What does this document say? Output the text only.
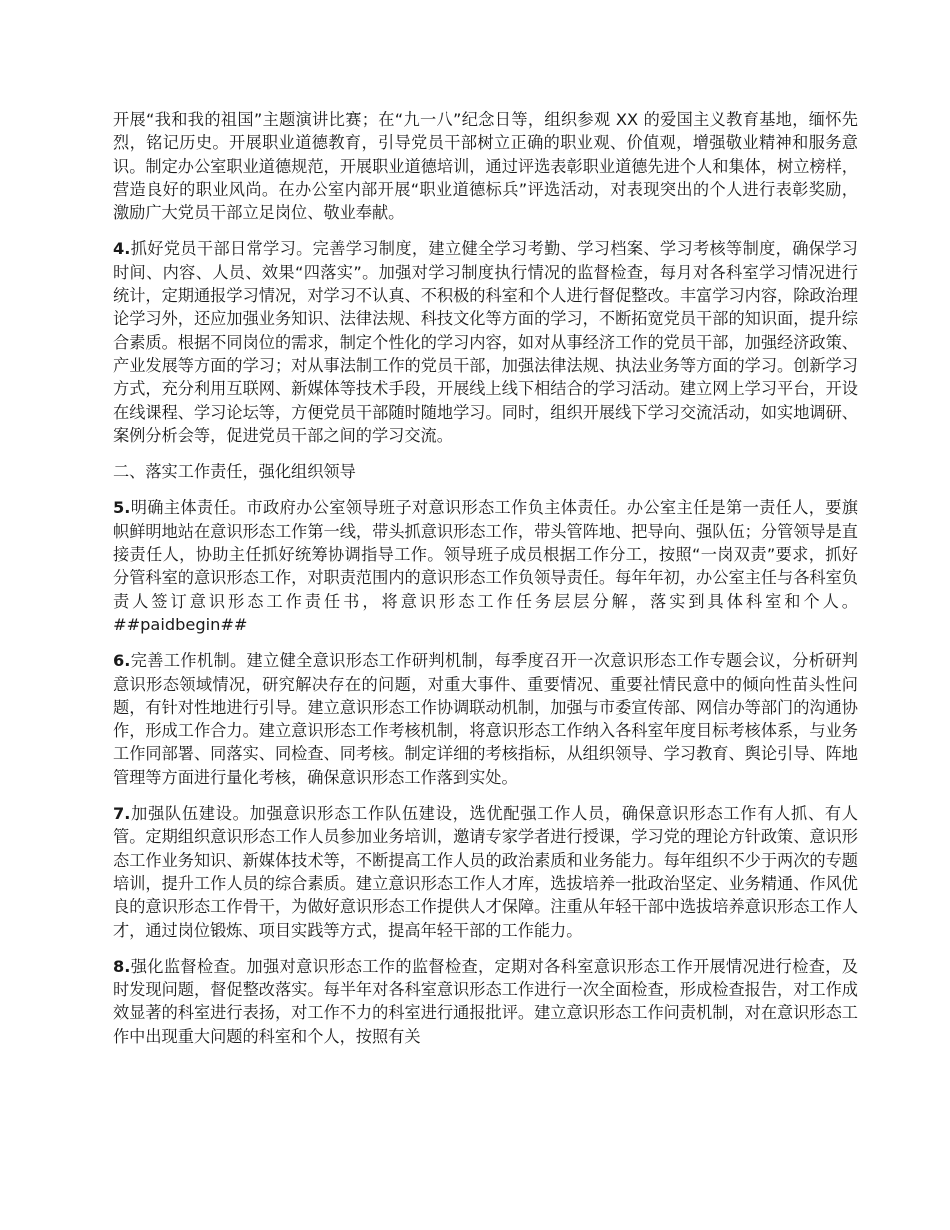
开展“我和我的祖国”主题演讲比赛；在“九一八”纪念日等，组织参观 XX 的爱国主义教育基地，缅怀先烈，铭记历史。开展职业道德教育，引导党员干部树立正确的职业观、价值观，增强敬业精神和服务意识。制定办公室职业道德规范，开展职业道德培训，通过评选表彰职业道德先进个人和集体，树立榜样，营造良好的职业风尚。在办公室内部开展“职业道德标兵”评选活动，对表现突出的个人进行表彰奖励，激励广大党员干部立足岗位、敬业奉献。

4.抓好党员干部日常学习。完善学习制度，建立健全学习考勤、学习档案、学习考核等制度，确保学习时间、内容、人员、效果“四落实”。加强对学习制度执行情况的监督检查，每月对各科室学习情况进行统计，定期通报学习情况，对学习不认真、不积极的科室和个人进行督促整改。丰富学习内容，除政治理论学习外，还应加强业务知识、法律法规、科技文化等方面的学习，不断拓宽党员干部的知识面，提升综合素质。根据不同岗位的需求，制定个性化的学习内容，如对从事经济工作的党员干部，加强经济政策、产业发展等方面的学习；对从事法制工作的党员干部，加强法律法规、执法业务等方面的学习。创新学习方式，充分利用互联网、新媒体等技术手段，开展线上线下相结合的学习活动。建立网上学习平台，开设在线课程、学习论坛等，方便党员干部随时随地学习。同时，组织开展线下学习交流活动，如实地调研、案例分析会等，促进党员干部之间的学习交流。

二、落实工作责任，强化组织领导

5.明确主体责任。市政府办公室领导班子对意识形态工作负主体责任。办公室主任是第一责任人，要旗帜鲜明地站在意识形态工作第一线，带头抓意识形态工作，带头管阵地、把导向、强队伍；分管领导是直接责任人，协助主任抓好统筹协调指导工作。领导班子成员根据工作分工，按照“一岗双责”要求，抓好分管科室的意识形态工作，对职责范围内的意识形态工作负领导责任。每年年初，办公室主任与各科室负责人签订意识形态工作责任书，将意识形态工作任务层层分解，落实到具体科室和个人。##paidbegin##

6.完善工作机制。建立健全意识形态工作研判机制，每季度召开一次意识形态工作专题会议，分析研判意识形态领域情况，研究解决存在的问题，对重大事件、重要情况、重要社情民意中的倾向性苗头性问题，有针对性地进行引导。建立意识形态工作协调联动机制，加强与市委宣传部、网信办等部门的沟通协作，形成工作合力。建立意识形态工作考核机制，将意识形态工作纳入各科室年度目标考核体系，与业务工作同部署、同落实、同检查、同考核。制定详细的考核指标，从组织领导、学习教育、舆论引导、阵地管理等方面进行量化考核，确保意识形态工作落到实处。

7.加强队伍建设。加强意识形态工作队伍建设，选优配强工作人员，确保意识形态工作有人抓、有人管。定期组织意识形态工作人员参加业务培训，邀请专家学者进行授课，学习党的理论方针政策、意识形态工作业务知识、新媒体技术等，不断提高工作人员的政治素质和业务能力。每年组织不少于两次的专题培训，提升工作人员的综合素质。建立意识形态工作人才库，选拔培养一批政治坚定、业务精通、作风优良的意识形态工作骨干，为做好意识形态工作提供人才保障。注重从年轻干部中选拔培养意识形态工作人才，通过岗位锻炼、项目实践等方式，提高年轻干部的工作能力。

8.强化监督检查。加强对意识形态工作的监督检查，定期对各科室意识形态工作开展情况进行检查，及时发现问题，督促整改落实。每半年对各科室意识形态工作进行一次全面检查，形成检查报告，对工作成效显著的科室进行表扬，对工作不力的科室进行通报批评。建立意识形态工作问责机制，对在意识形态工作中出现重大问题的科室和个人，按照有关
